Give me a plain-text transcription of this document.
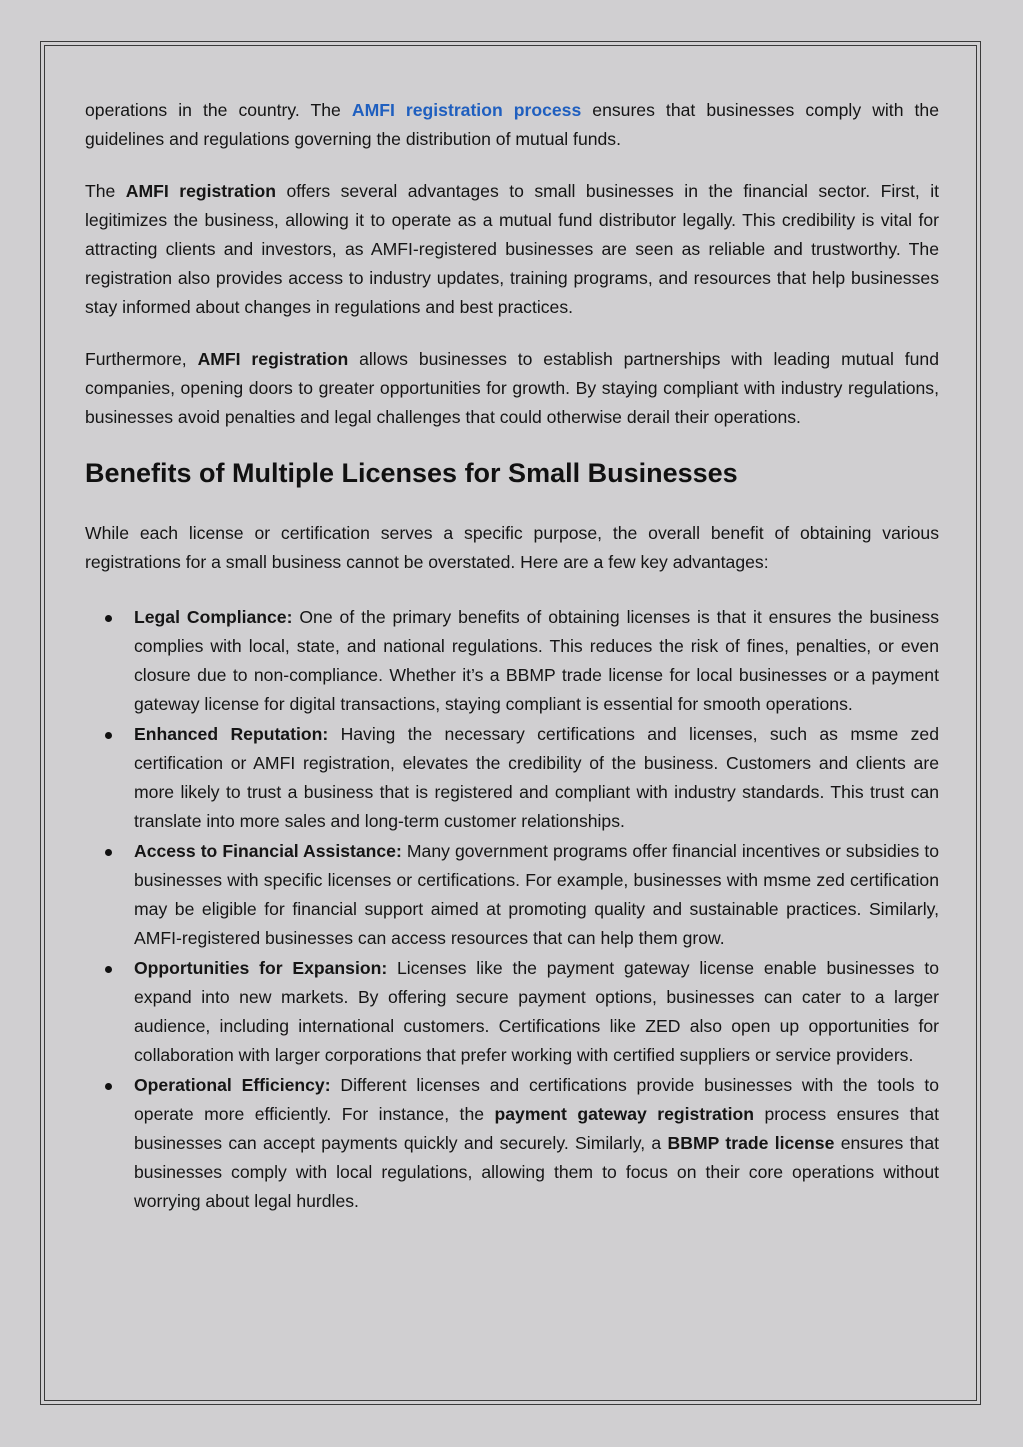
operations in the country. The AMFI registration process ensures that businesses comply with the guidelines and regulations governing the distribution of mutual funds.

The AMFI registration offers several advantages to small businesses in the financial sector. First, it legitimizes the business, allowing it to operate as a mutual fund distributor legally. This credibility is vital for attracting clients and investors, as AMFI-registered businesses are seen as reliable and trustworthy. The registration also provides access to industry updates, training programs, and resources that help businesses stay informed about changes in regulations and best practices.

Furthermore, AMFI registration allows businesses to establish partnerships with leading mutual fund companies, opening doors to greater opportunities for growth. By staying compliant with industry regulations, businesses avoid penalties and legal challenges that could otherwise derail their operations.

Benefits of Multiple Licenses for Small Businesses

While each license or certification serves a specific purpose, the overall benefit of obtaining various registrations for a small business cannot be overstated. Here are a few key advantages:

Legal Compliance: One of the primary benefits of obtaining licenses is that it ensures the business complies with local, state, and national regulations. This reduces the risk of fines, penalties, or even closure due to non-compliance. Whether it’s a BBMP trade license for local businesses or a payment gateway license for digital transactions, staying compliant is essential for smooth operations.
Enhanced Reputation: Having the necessary certifications and licenses, such as msme zed certification or AMFI registration, elevates the credibility of the business. Customers and clients are more likely to trust a business that is registered and compliant with industry standards. This trust can translate into more sales and long-term customer relationships.
Access to Financial Assistance: Many government programs offer financial incentives or subsidies to businesses with specific licenses or certifications. For example, businesses with msme zed certification may be eligible for financial support aimed at promoting quality and sustainable practices. Similarly, AMFI-registered businesses can access resources that can help them grow.
Opportunities for Expansion: Licenses like the payment gateway license enable businesses to expand into new markets. By offering secure payment options, businesses can cater to a larger audience, including international customers. Certifications like ZED also open up opportunities for collaboration with larger corporations that prefer working with certified suppliers or service providers.
Operational Efficiency: Different licenses and certifications provide businesses with the tools to operate more efficiently. For instance, the payment gateway registration process ensures that businesses can accept payments quickly and securely. Similarly, a BBMP trade license ensures that businesses comply with local regulations, allowing them to focus on their core operations without worrying about legal hurdles.
